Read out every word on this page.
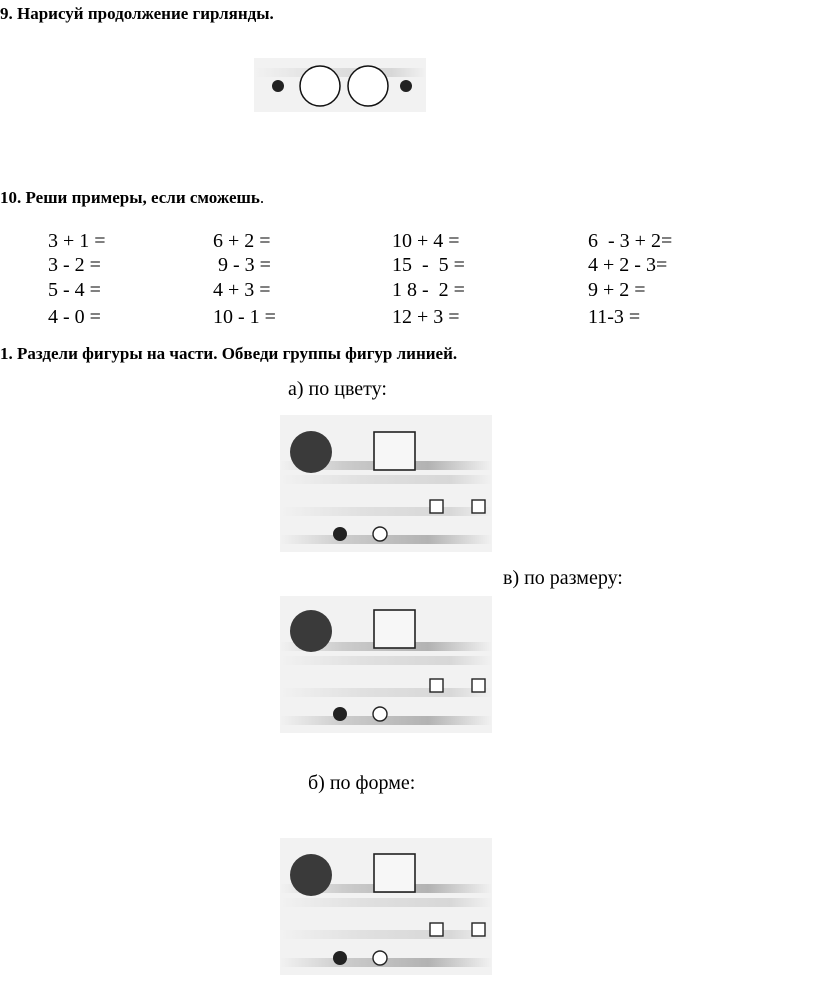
9. Нарисуй продолжение гирлянды.
10. Реши примеры, если сможешь.
3 + 1 =
3 - 2 =
5 - 4 =
4 - 0 =
6 + 2 =
9 - 3 =
4 + 3 =
10 - 1 =
10 + 4 =
15  -  5 =
1 8 -  2 =
12 + 3 =
6  - 3 + 2=
4 + 2 - 3=
9 + 2 =
11-3 =
1. Раздели фигуры на части. Обведи группы фигур линией.
а) по цвету:
в) по размеру:
б) по форме:
